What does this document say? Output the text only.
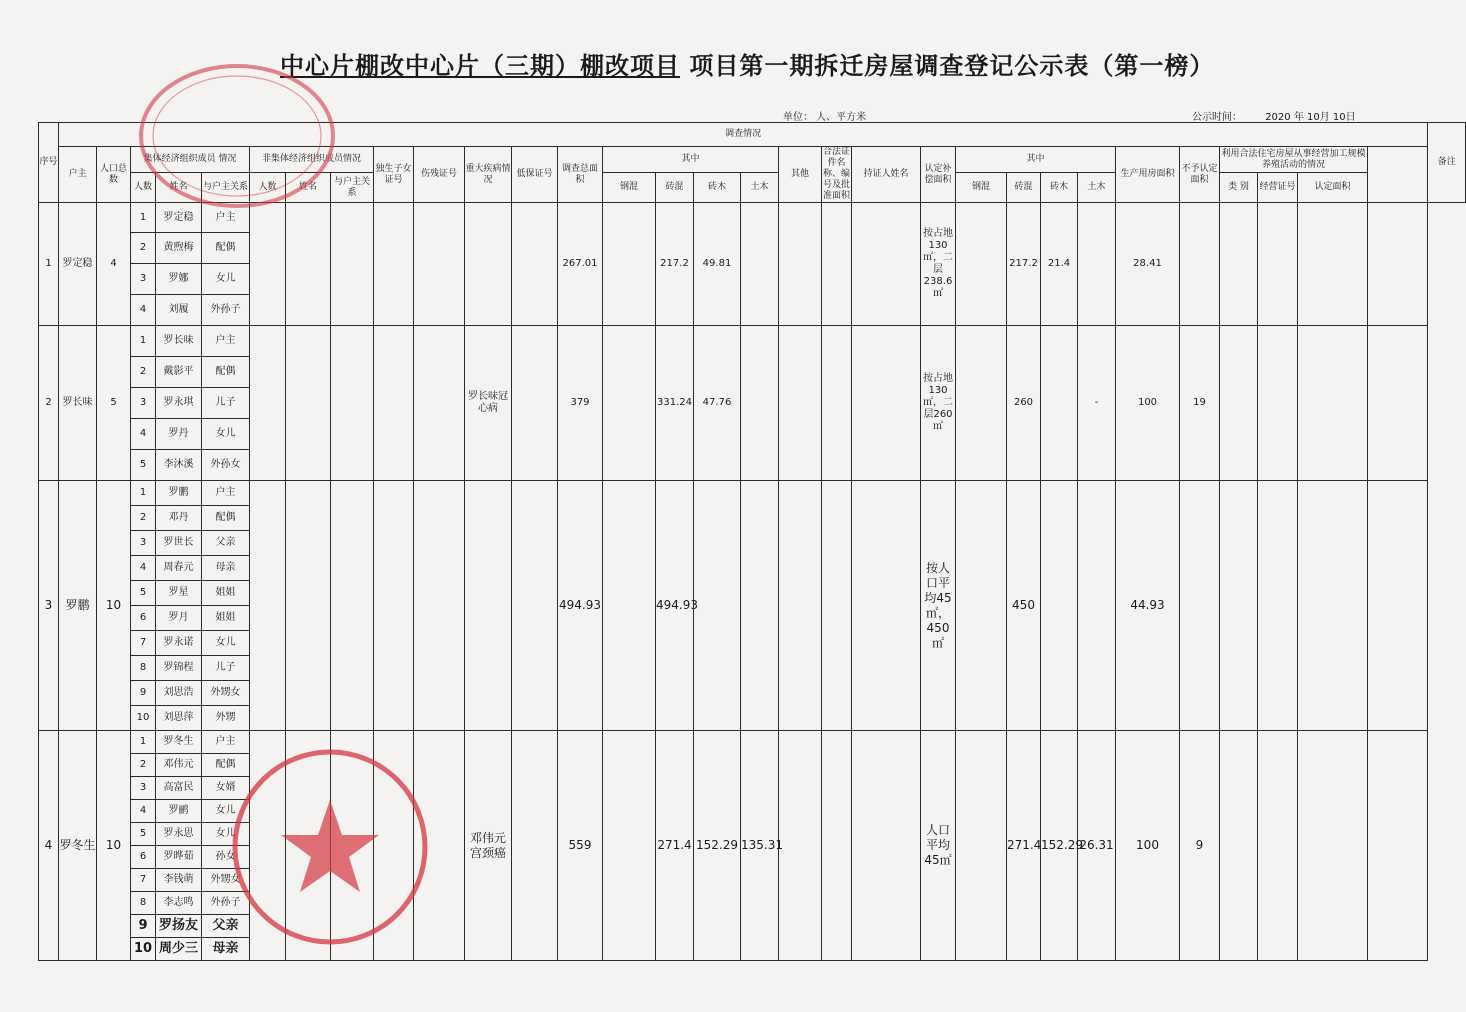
中心片棚改中心片（三期）棚改项目 项目第一期拆迁房屋调查登记公示表（第一榜）
单位： 人、平方米	公示时间： 2020 年 10月 10日
序号	调查情况																															备注
	户主	人口总数	集体经济组织成员 情况			非集体经济组织成员情况			独生子女证号	伤残证号	重大疾病情况	低保证号	调查总面积	其中				其他	合法证件名称、编号及批准面积	持证人姓名	认定补偿面积	其中				生产用房面积	不予认定面积	利用合法住宅房屋从事经营加工规模养殖活动的情况				
			人数	姓名	与户主关系	人数	姓名	与户主关系						钢混	砖混	砖木	土木					钢混	砖混	砖木	土木			类 别	经营证号	认定面积		
1	罗定稳	4	1	罗定稳	户主								267.01		217.2	49.81					按占地130㎡，二层238.6㎡		217.2	21.4		28.41						
			2	黄煦梅	配偶																											
			3	罗娜	女儿																											
			4	刘履	外孙子																											
2	罗长味	5	1	罗长味	户主						罗长味冠心病		379		331.24	47.76					按占地130㎡，二层260㎡		260		-	100	19					
			2	戴影平	配偶																											
			3	罗永琪	儿子																											
			4	罗丹	女儿																											
			5	李沐溪	外孙女																											
3	罗鹏	10	1	罗鹏	户主								494.93		494.93						按人口平均45㎡，450㎡		450			44.93						
			2	邓丹	配偶																											
			3	罗世长	父亲																											
			4	周春元	母亲																											
			5	罗星	姐姐																											
			6	罗月	姐姐																											
			7	罗永诺	女儿																											
			8	罗锦程	儿子																											
			9	刘思浩	外甥女																											
			10	刘思萍	外甥																											
4	罗冬生	10	1	罗冬生	户主						邓伟元宫颈癌		559		271.4	152.29	135.31				人口平均45㎡		271.4	152.29	26.31	100	9					
			2	邓伟元	配偶																											
			3	高富民	女婿																											
			4	罗鹂	女儿																											
			5	罗永思	女儿																											
			6	罗晔茹	孙女																											
			7	李钱萌	外甥女																											
			8	李志鸣	外孙子																											
			9	罗扬友	父亲																											
			10	周少三	母亲																											
